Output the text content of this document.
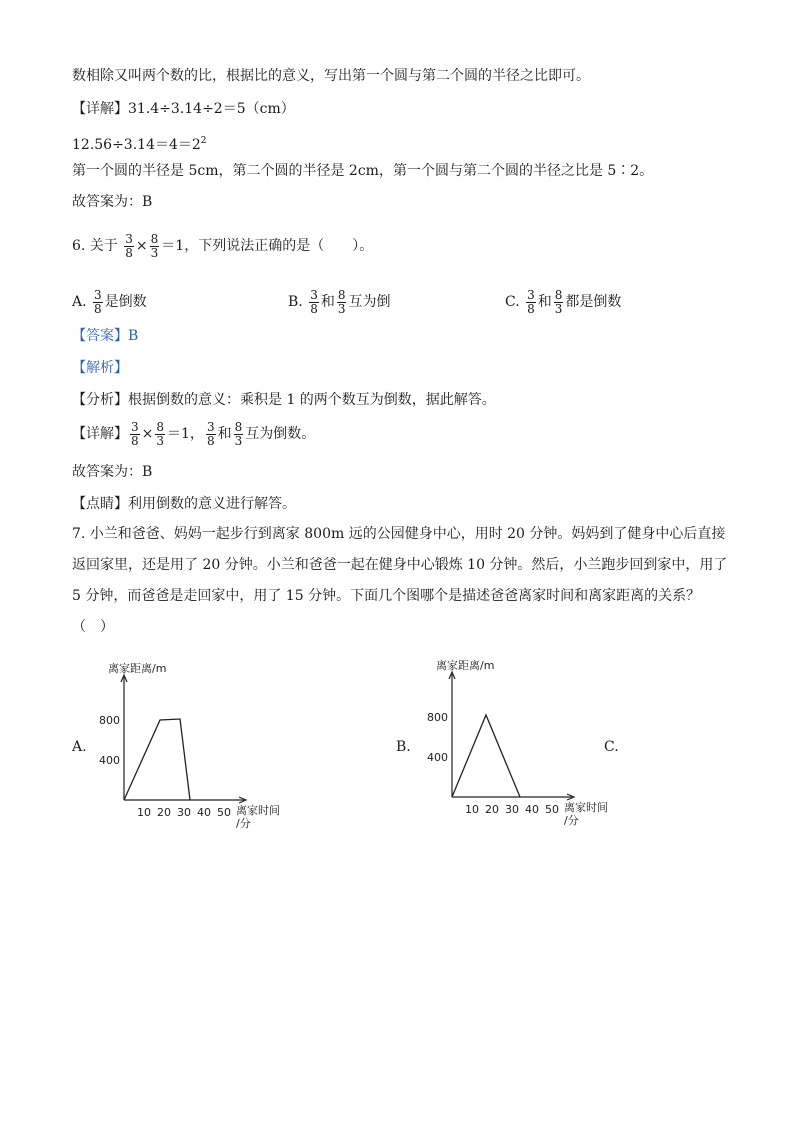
数相除又叫两个数的比，根据比的意义，写出第一个圆与第二个圆的半径之比即可。
【详解】31.4÷3.14÷2＝5（cm）
$12.56\div 3.14=4=2^2$
第一个圆的半径是 5cm，第二个圆的半径是 2cm，第一个圆与第二个圆的半径之比是 5∶2。
故答案为：B
6. 关于 $\frac{3}{8} \times \frac{8}{3} =1$，下列说法正确的是（　　）。
A. $\frac{3}{8}$ 是倒数	B. $\frac{3}{8}$ 和 $\frac{8}{3}$ 互为倒	C. $\frac{3}{8}$ 和 $\frac{8}{3}$ 都是倒数
【答案】B
【解析】
【分析】根据倒数的意义：乘积是 1 的两个数互为倒数，据此解答。
【详解】 $\frac{3}{8} \times \frac{8}{3} =1$， $\frac{3}{8}$ 和 $\frac{8}{3}$ 互为倒数。
故答案为：B
【点睛】利用倒数的意义进行解答。
7. 小兰和爸爸、妈妈一起步行到离家 800m 远的公园健身中心，用时 20 分钟。妈妈到了健身中心后直接
返回家里，还是用了 20 分钟。小兰和爸爸一起在健身中心锻炼 10 分钟。然后，小兰跑步回到家中，用了
5 分钟，而爸爸是走回家中，用了 15 分钟。下面几个图哪个是描述爸爸离家时间和离家距离的关系？
（　）
A.	B.	C.
离家距离/m
400
800
10 20 30 40 50 离家时间
/分
离家距离/m
400
800
10 20 30 40 50 离家时间
/分
